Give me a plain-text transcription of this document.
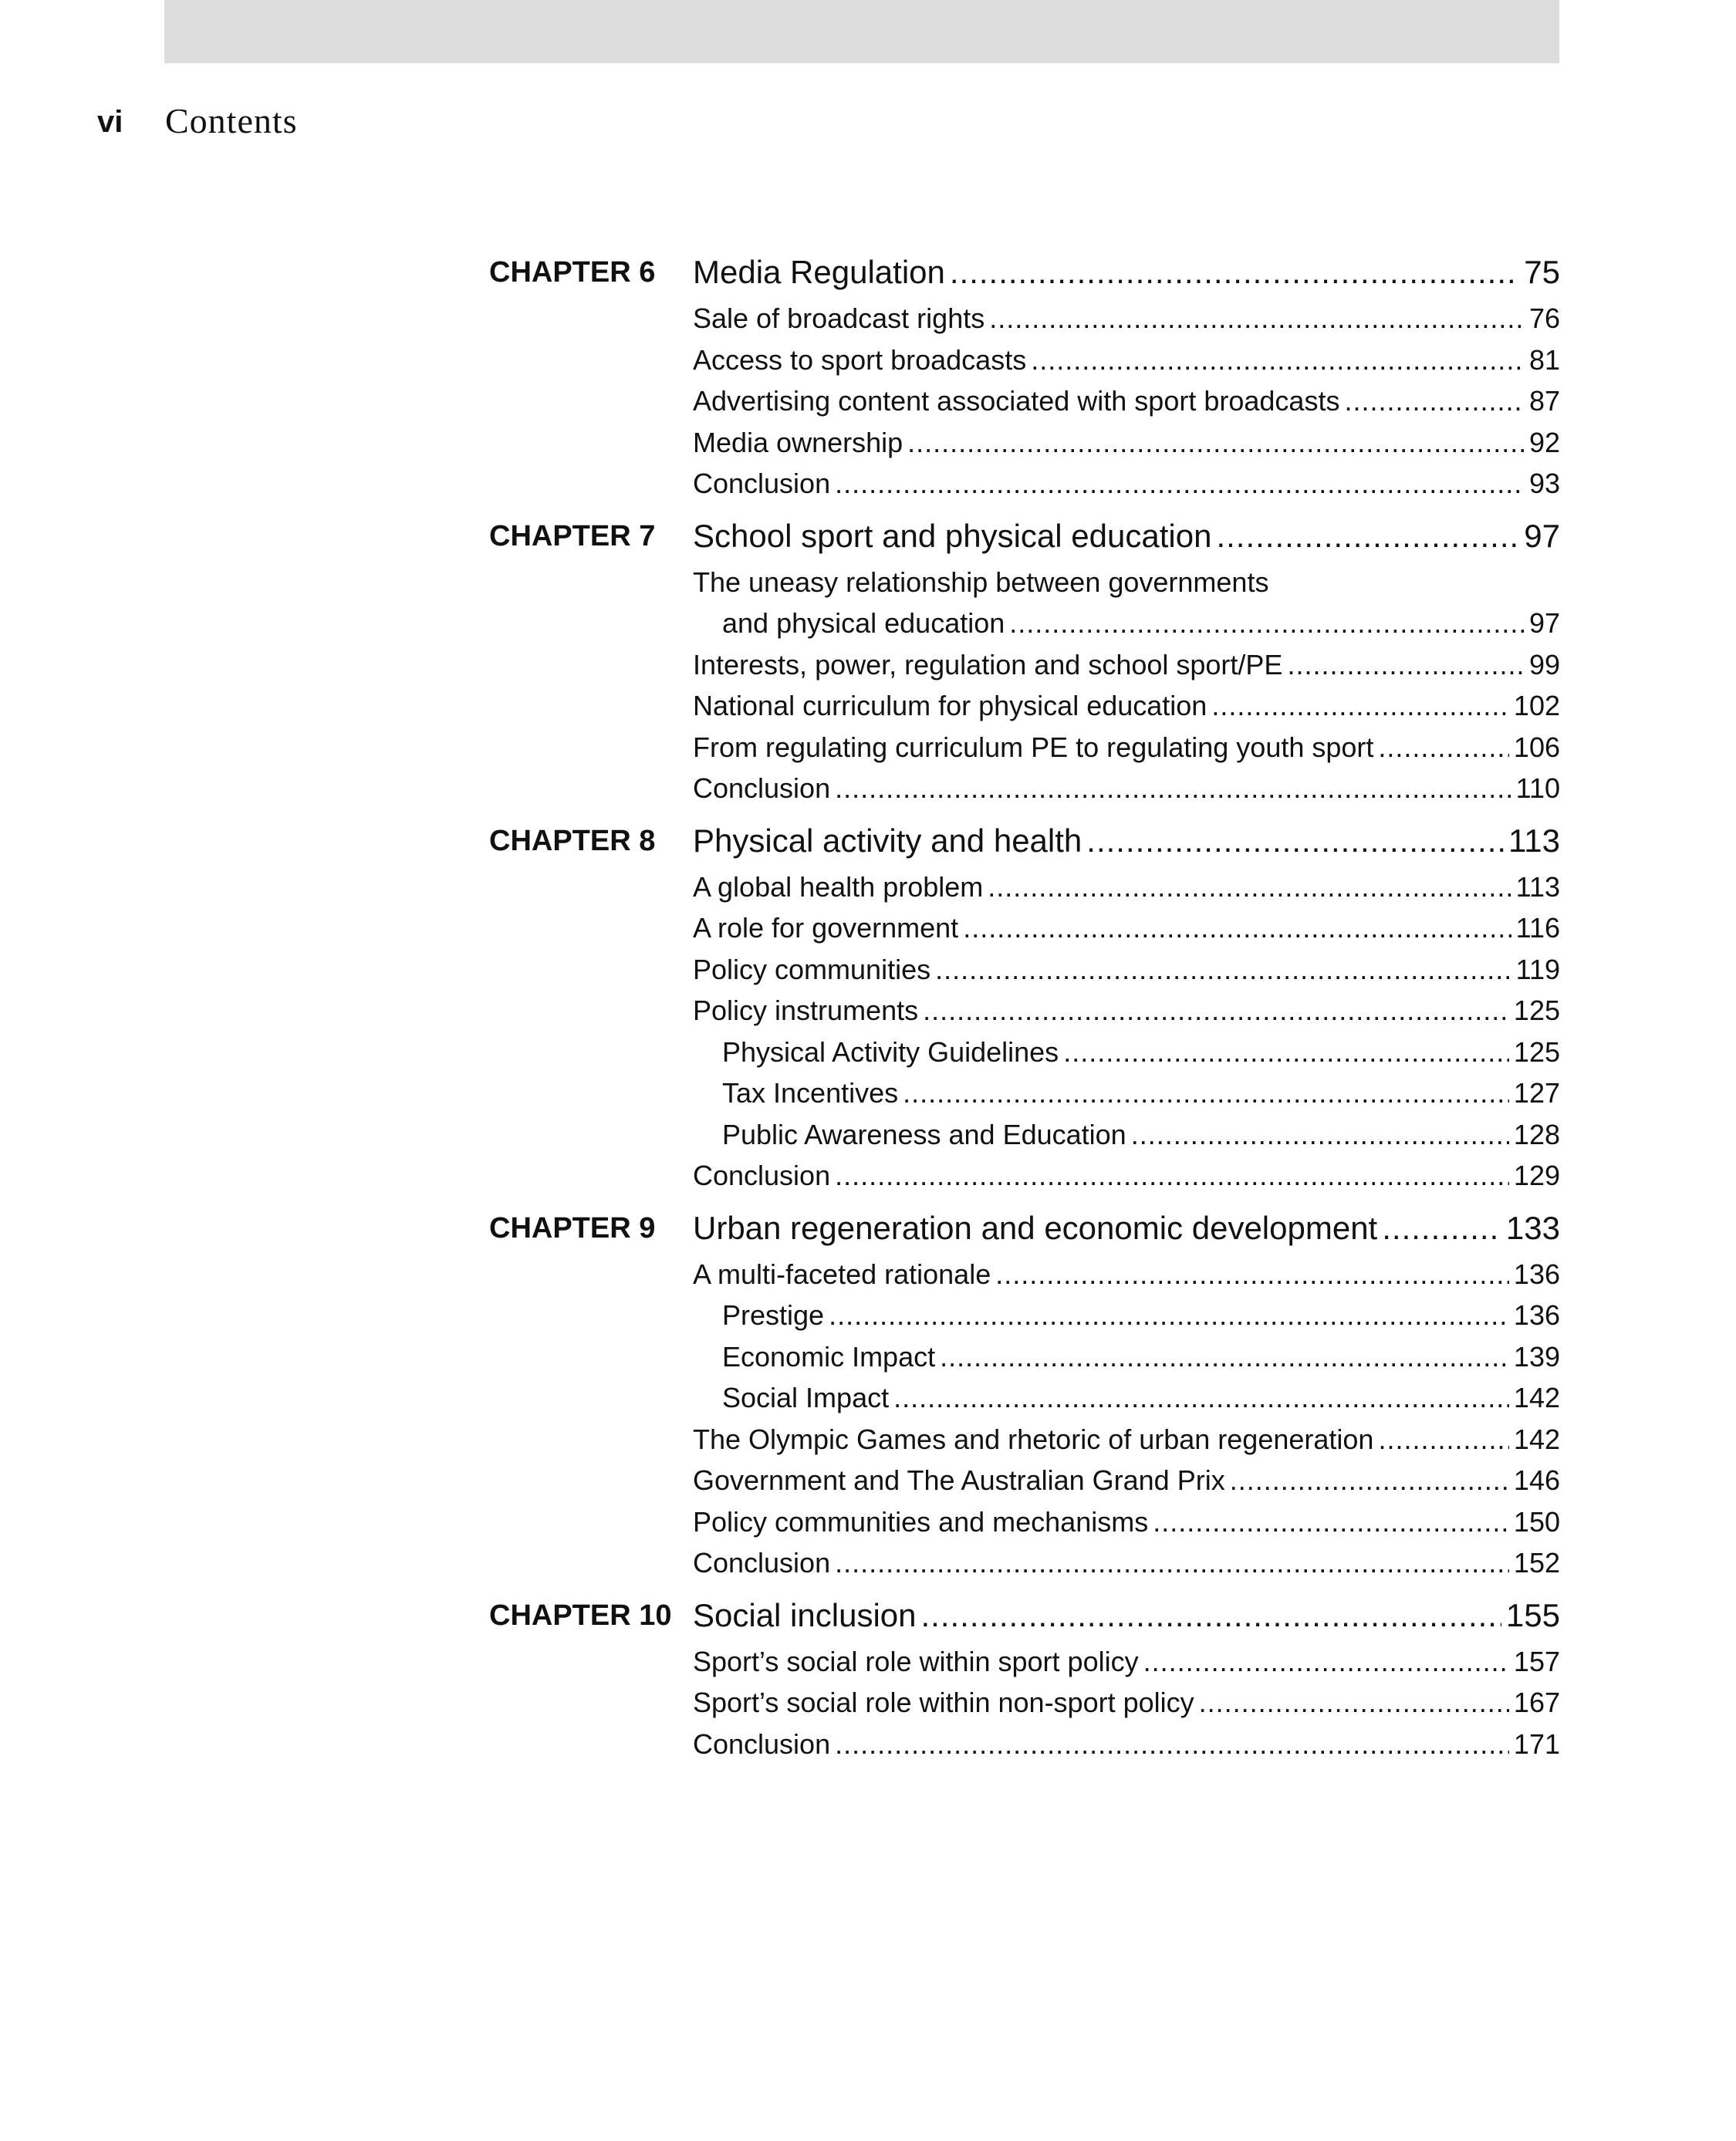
vi Contents
CHAPTER 6 Media Regulation .....	75
Sale of broadcast rights .....	76
Access to sport broadcasts .....	81
Advertising content associated with sport broadcasts .....	87
Media ownership .....	92
Conclusion .....	93
CHAPTER 7 School sport and physical education .....	97
The uneasy relationship between governments
and physical education .....	97
Interests, power, regulation and school sport/PE .....	99
National curriculum for physical education .....	102
From regulating curriculum PE to regulating youth sport .....	106
Conclusion .....	110
CHAPTER 8 Physical activity and health .....	113
A global health problem .....	113
A role for government .....	116
Policy communities .....	119
Policy instruments .....	125
Physical Activity Guidelines .....	125
Tax Incentives .....	127
Public Awareness and Education .....	128
Conclusion .....	129
CHAPTER 9 Urban regeneration and economic development .....	133
A multi-faceted rationale .....	136
Prestige .....	136
Economic Impact .....	139
Social Impact .....	142
The Olympic Games and rhetoric of urban regeneration .....	142
Government and The Australian Grand Prix .....	146
Policy communities and mechanisms .....	150
Conclusion .....	152
CHAPTER 10 Social inclusion .....	155
Sport’s social role within sport policy .....	157
Sport’s social role within non-sport policy .....	167
Conclusion .....	171
